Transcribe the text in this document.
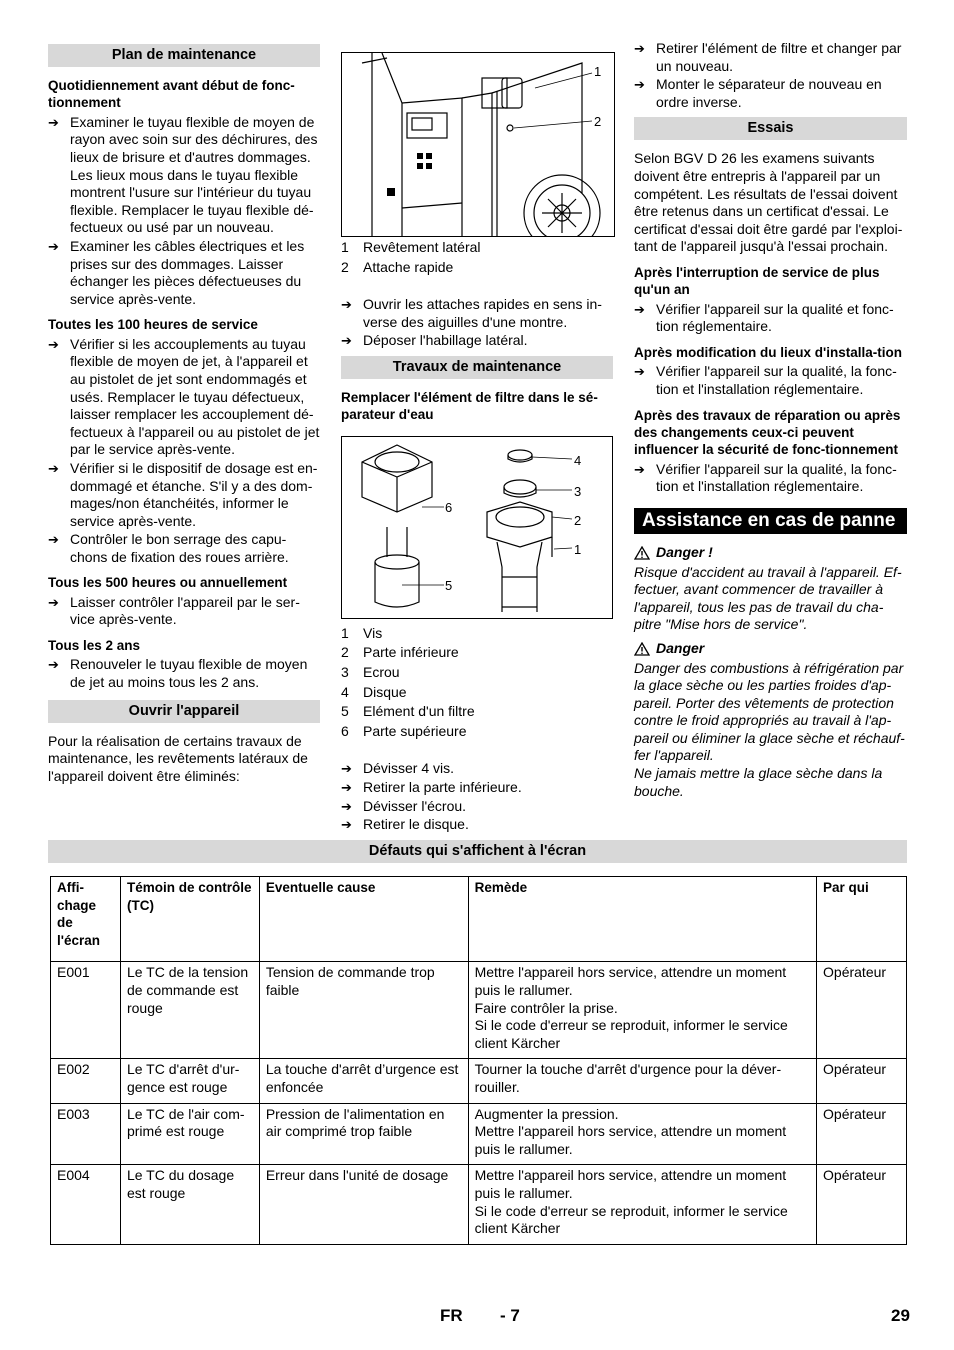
Plan de maintenance
Quotidiennement avant début de fonc-tionnement
➔ Examiner le tuyau flexible de moyen de rayon avec soin sur des déchirures, des lieux de brisure et d'autres dommages. Les lieux mous dans le tuyau flexible montrent l'usure sur l'intérieur du tuyau flexible. Remplacer le tuyau flexible dé-fectueux ou usé par un nouveau.
➔ Examiner les câbles électriques et les prises sur des dommages. Laisser échanger les pièces défectueuses du service après-vente.
Toutes les 100 heures de service
➔ Vérifier si les accouplements au tuyau flexible de moyen de jet, à l'appareil et au pistolet de jet sont endommagés et usés. Remplacer le tuyau défectueux, laisser remplacer les accouplement dé-fectueux à l'appareil ou au pistolet de jet par le service après-vente.
➔ Vérifier si le dispositif de dosage est en-dommagé et étanche. S'il y a des dom-mages/non étanchéités, informer le service après-vente.
➔ Contrôler le bon serrage des capu-chons de fixation des roues arrière.
Tous les 500 heures ou annuellement
➔ Laisser contrôler l'appareil par le ser-vice après-vente.
Tous les 2 ans
➔ Renouveler le tuyau flexible de moyen de jet au moins tous les 2 ans.
Ouvrir l'appareil

Pour la réalisation de certains travaux de maintenance, les revêtements latéraux de l'appareil doivent être éliminés:

1
2
1	Revêtement latéral
2	Attache rapide
➔ Ouvrir les attaches rapides en sens in-verse des aiguilles d'une montre.
➔ Déposer l'habillage latéral.
Travaux de maintenance
Remplacer l'élément de filtre dans le sé-parateur d'eau
4
3
2
1
6
5
1	Vis
2	Parte inférieure
3	Ecrou
4	Disque
5	Elément d'un filtre
6	Parte supérieure
➔ Dévisser 4 vis.
➔ Retirer la parte inférieure.
➔ Dévisser l'écrou.
➔ Retirer le disque.
➔ Retirer l'élément de filtre et changer par un nouveau.
➔ Monter le séparateur de nouveau en ordre inverse.
Essais

Selon BGV D 26 les examens suivants doivent être entrepris à l'appareil par un compétent. Les résultats de l'essai doivent être retenus dans un certificat d'essai. Le certificat d'essai doit être gardé par l'exploi-tant de l'appareil jusqu'à l'essai prochain.

Après l'interruption de service de plus qu'un an
➔ Vérifier l'appareil sur la qualité et fonc-tion réglementaire.
Après modification du lieux d'installa-tion
➔ Vérifier l'appareil sur la qualité, la fonc-tion et l'installation réglementaire.
Après des travaux de réparation ou après des changements ceux-ci peuvent influencer la sécurité de fonc-tionnement
➔ Vérifier l'appareil sur la qualité, la fonc-tion et l'installation réglementaire.
Assistance en cas de panne
Danger !
Risque d'accident au travail à l'appareil. Ef-fectuer, avant commencer de travailler à l'appareil, tous les pas de travail du cha-pitre "Mise hors de service".
Danger
Danger des combustions à réfrigération par la glace sèche ou les parties froides d'ap-pareil. Porter des vêtements de protection contre le froid appropriés au travail à l'ap-pareil ou éliminer la glace sèche et réchauf-fer l'appareil.
Ne jamais mettre la glace sèche dans la bouche.
Défauts qui s'affichent à l'écran
Affi-chage de l'écran	Témoin de contrôle (TC)	Eventuelle cause	Remède	Par qui
E001	Le TC de la tension de commande est rouge	Tension de commande trop faible	Mettre l'appareil hors service, attendre un moment puis le rallumer.
Faire contrôler la prise.
Si le code d'erreur se reproduit, informer le service client Kärcher	Opérateur
E002	Le TC d'arrêt d'ur-gence est rouge	La touche d'arrêt d’urgence est enfoncée	Tourner la touche d'arrêt d'urgence pour la déver-rouiller.	Opérateur
E003	Le TC de l'air com-primé est rouge	Pression de l'alimentation en air comprimé trop faible	Augmenter la pression.
Mettre l'appareil hors service, attendre un moment puis le rallumer.	Opérateur
E004	Le TC du dosage est rouge	Erreur dans l'unité de dosage	Mettre l'appareil hors service, attendre un moment puis le rallumer.
Si le code d'erreur se reproduit, informer le service client Kärcher	Opérateur
FR - 7	29
